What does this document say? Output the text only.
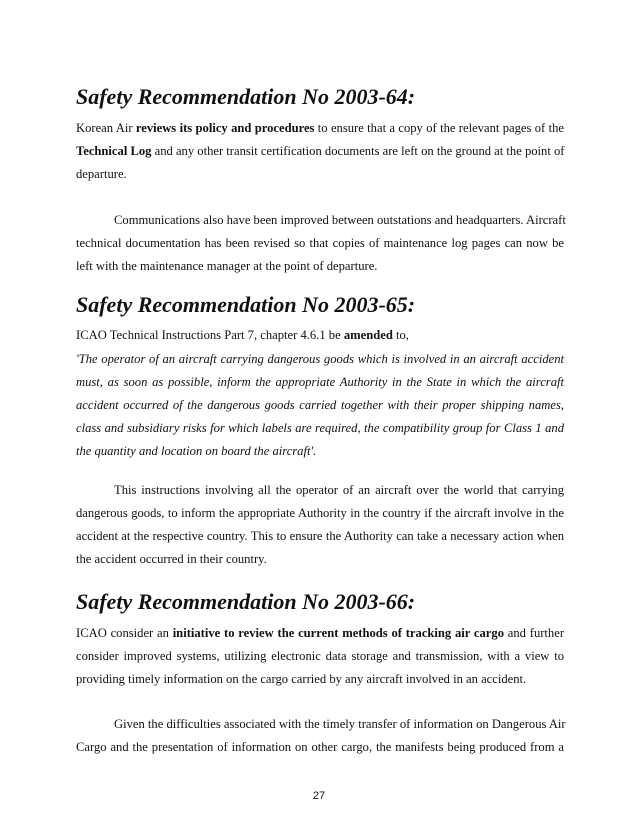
Safety Recommendation No 2003-64:
Korean Air reviews its policy and procedures to ensure that a copy of the relevant pages of the
Technical Log and any other transit certification documents are left on the ground at the point of
departure.
Communications also have been improved between outstations and headquarters. Aircraft
technical documentation has been revised so that copies of maintenance log pages can now be
left with the maintenance manager at the point of departure.
Safety Recommendation No 2003-65:
ICAO Technical Instructions Part 7, chapter 4.6.1 be amended to,
'The operator of an aircraft carrying dangerous goods which is involved in an aircraft accident
must, as soon as possible, inform the appropriate Authority in the State in which the aircraft
accident occurred of the dangerous goods carried together with their proper shipping names,
class and subsidiary risks for which labels are required, the compatibility group for Class 1 and
the quantity and location on board the aircraft'.
This instructions involving all the operator of an aircraft over the world that carrying
dangerous goods, to inform the appropriate Authority in the country if the aircraft involve in the
accident at the respective country. This to ensure the Authority can take a necessary action when
the accident occurred in their country.
Safety Recommendation No 2003-66:
ICAO consider an initiative to review the current methods of tracking air cargo and further
consider improved systems, utilizing electronic data storage and transmission, with a view to
providing timely information on the cargo carried by any aircraft involved in an accident.
Given the difficulties associated with the timely transfer of information on Dangerous Air
Cargo and the presentation of information on other cargo, the manifests being produced from a
27
